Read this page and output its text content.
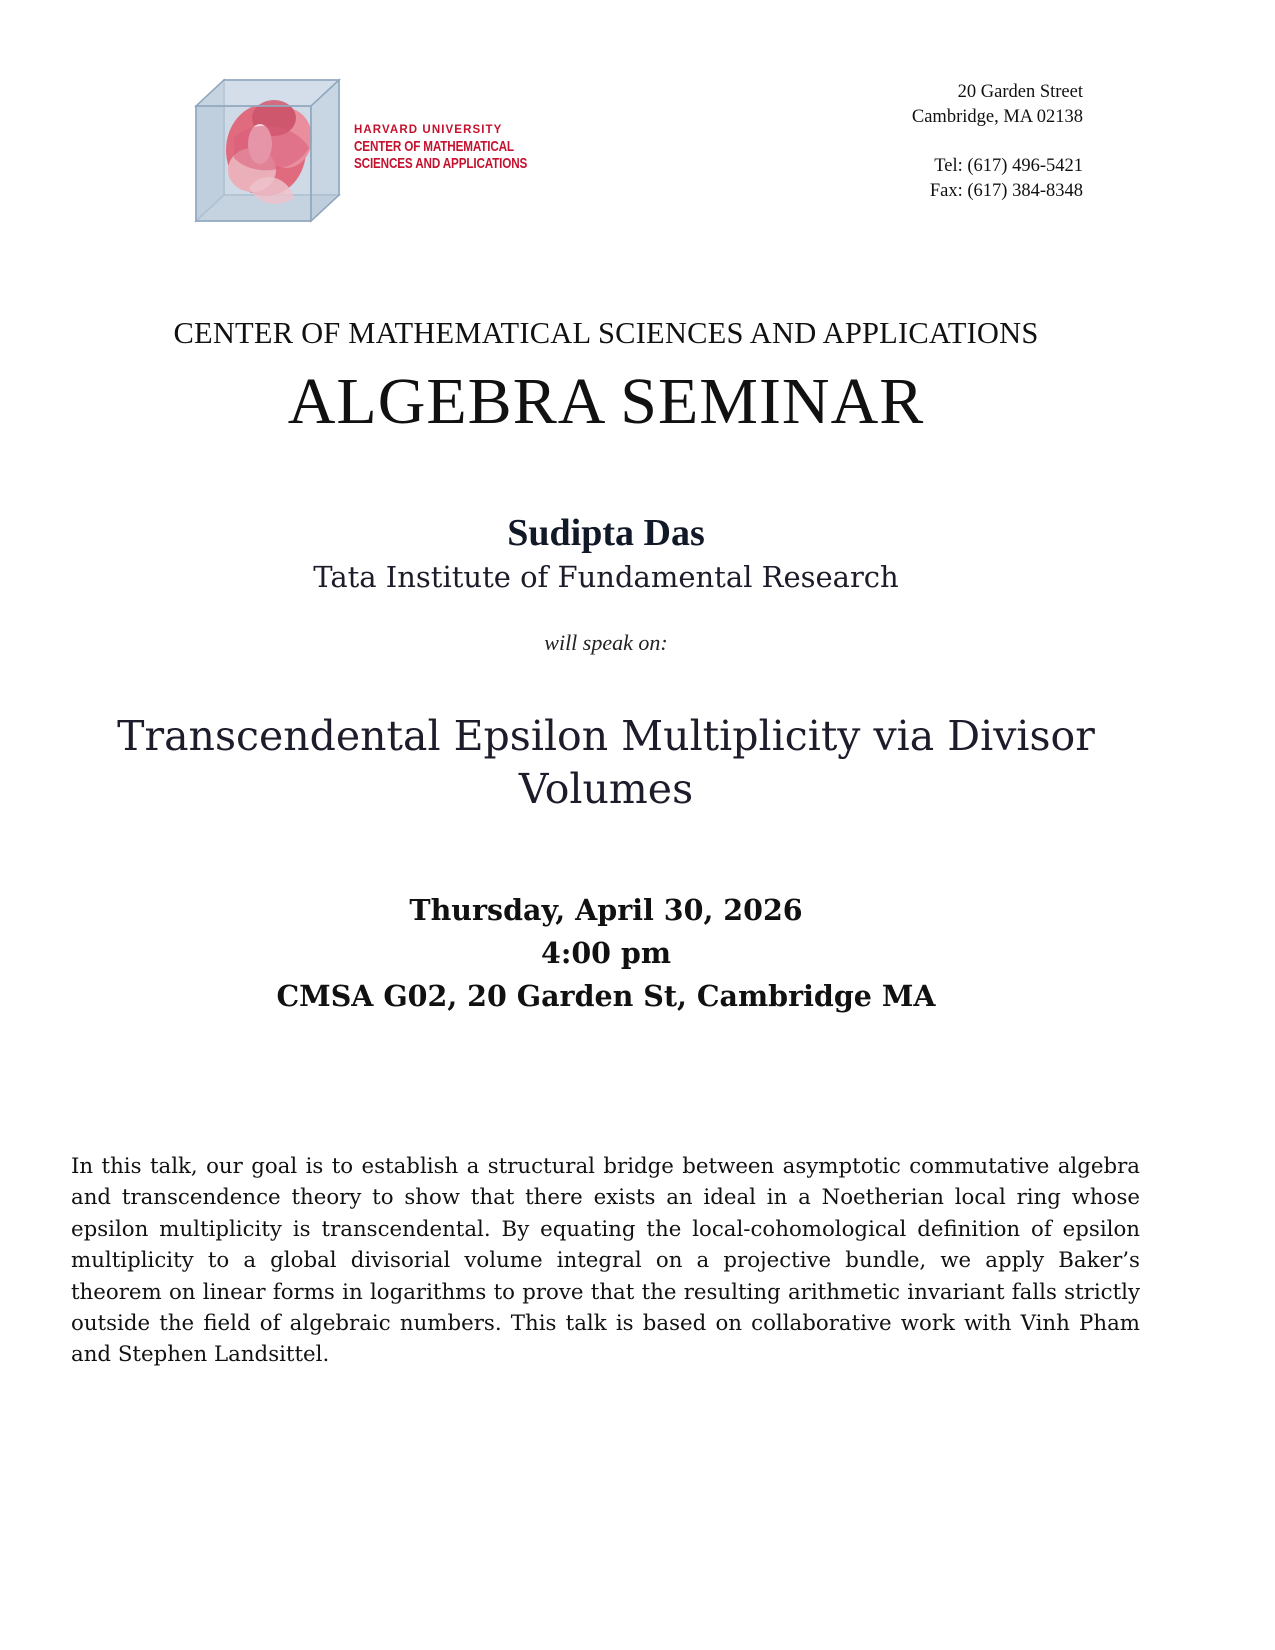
HARVARD UNIVERSITY
CENTER OF MATHEMATICAL
SCIENCES AND APPLICATIONS
20 Garden Street
Cambridge, MA 02138
Tel: (617) 496-5421
Fax: (617) 384-8348
CENTER OF MATHEMATICAL SCIENCES AND APPLICATIONS
ALGEBRA SEMINAR
Sudipta Das
Tata Institute of Fundamental Research
will speak on:
Transcendental Epsilon Multiplicity via Divisor Volumes
Thursday, April 30, 2026
4:00 pm
CMSA G02, 20 Garden St, Cambridge MA
In this talk, our goal is to establish a structural bridge between asymptotic commutative algebra and transcendence theory to show that there exists an ideal in a Noetherian local ring whose epsilon multiplicity is transcendental. By equating the local-cohomological definition of epsilon multiplicity to a global divisorial volume integral on a projective bundle, we apply Baker’s theorem on linear forms in logarithms to prove that the resulting arithmetic invariant falls strictly outside the field of algebraic numbers. This talk is based on collaborative work with Vinh Pham and Stephen Landsittel.
